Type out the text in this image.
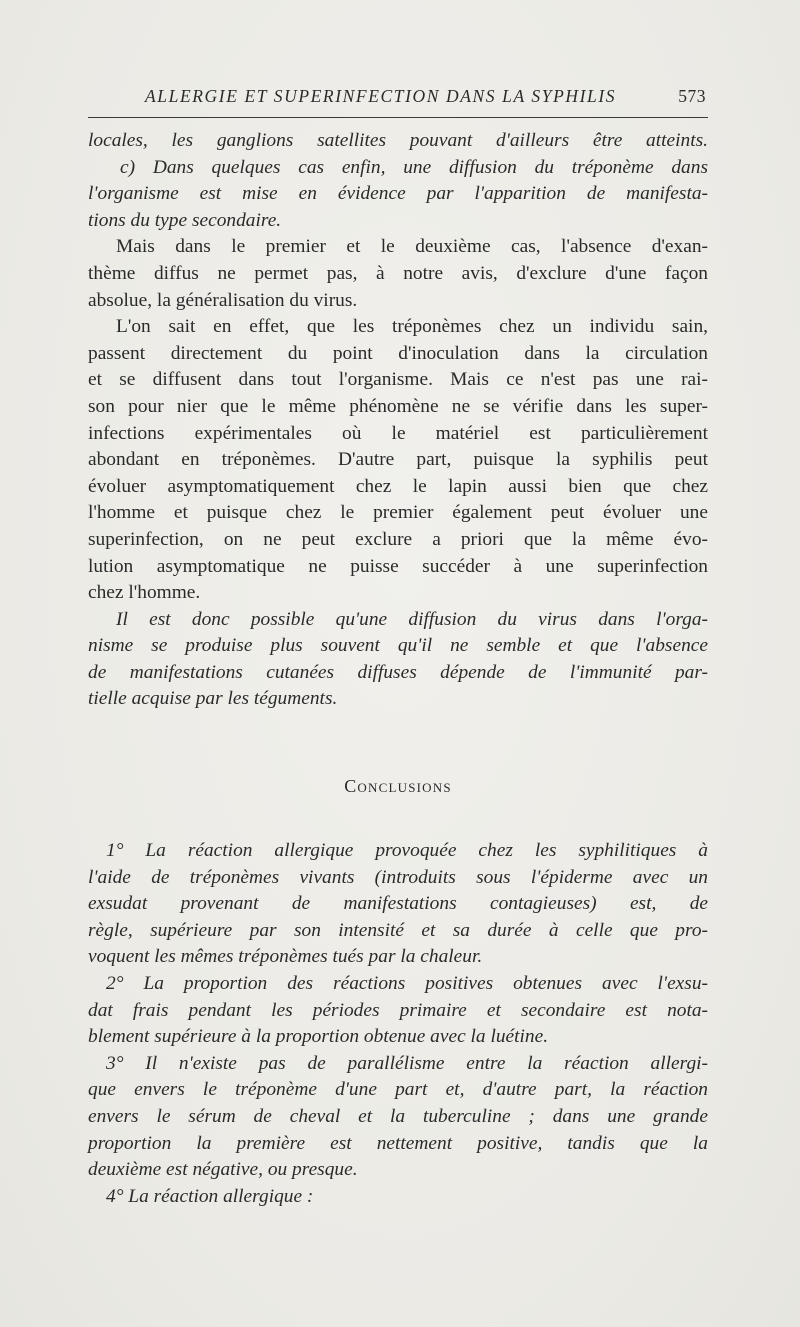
ALLERGIE ET SUPERINFECTION DANS LA SYPHILIS	573
locales, les ganglions satellites pouvant d'ailleurs être atteints.
c) Dans quelques cas enfin, une diffusion du tréponème dans
l'organisme est mise en évidence par l'apparition de manifesta-
tions du type secondaire.
Mais dans le premier et le deuxième cas, l'absence d'exan-
thème diffus ne permet pas, à notre avis, d'exclure d'une façon
absolue, la généralisation du virus.
L'on sait en effet, que les tréponèmes chez un individu sain,
passent directement du point d'inoculation dans la circulation
et se diffusent dans tout l'organisme. Mais ce n'est pas une rai-
son pour nier que le même phénomène ne se vérifie dans les super-
infections expérimentales où le matériel est particulièrement
abondant en tréponèmes. D'autre part, puisque la syphilis peut
évoluer asymptomatiquement chez le lapin aussi bien que chez
l'homme et puisque chez le premier également peut évoluer une
superinfection, on ne peut exclure a priori que la même évo-
lution asymptomatique ne puisse succéder à une superinfection
chez l'homme.
Il est donc possible qu'une diffusion du virus dans l'orga-
nisme se produise plus souvent qu'il ne semble et que l'absence
de manifestations cutanées diffuses dépende de l'immunité par-
tielle acquise par les téguments.
Conclusions
1° La réaction allergique provoquée chez les syphilitiques à
l'aide de tréponèmes vivants (introduits sous l'épiderme avec un
exsudat provenant de manifestations contagieuses) est, de
règle, supérieure par son intensité et sa durée à celle que pro-
voquent les mêmes tréponèmes tués par la chaleur.
2° La proportion des réactions positives obtenues avec l'exsu-
dat frais pendant les périodes primaire et secondaire est nota-
blement supérieure à la proportion obtenue avec la luétine.
3° Il n'existe pas de parallélisme entre la réaction allergi-
que envers le tréponème d'une part et, d'autre part, la réaction
envers le sérum de cheval et la tuberculine ; dans une grande
proportion la première est nettement positive, tandis que la
deuxième est négative, ou presque.
4° La réaction allergique :
